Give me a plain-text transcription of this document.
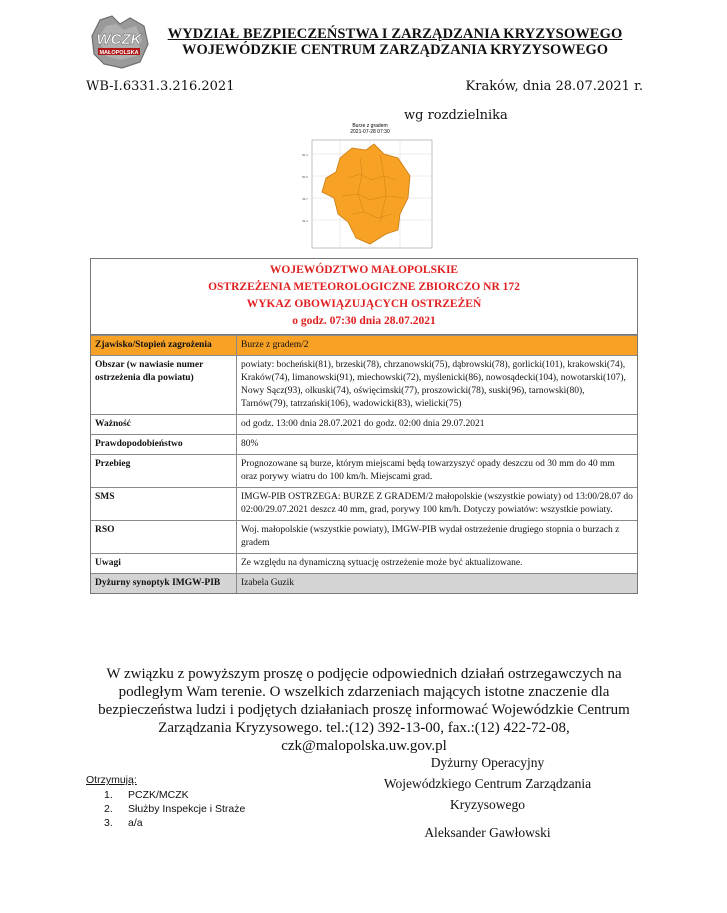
WCZK
MAŁOPOLSKA
WYDZIAŁ BEZPIECZEŃSTWA I ZARZĄDZANIA KRYZYSOWEGO
WOJEWÓDZKIE CENTRUM ZARZĄDZANIA KRYZYSOWEGO
WB-I.6331.3.216.2021	Kraków, dnia 28.07.2021 r.
wg rozdzielnika
Burze z gradem
2021-07-28 07:30
50.4
50.0
49.7
49.4
WOJEWÓDZTWO MAŁOPOLSKIE
OSTRZEŻENIA METEOROLOGICZNE ZBIORCZO NR 172
WYKAZ OBOWIĄZUJĄCYCH OSTRZEŻEŃ
o godz. 07:30 dnia 28.07.2021
Zjawisko/Stopień zagrożenia	Burze z gradem/2
Obszar (w nawiasie numer ostrzeżenia dla powiatu)	powiaty: bocheński(81), brzeski(78), chrzanowski(75), dąbrowski(78), gorlicki(101), krakowski(74), Kraków(74), limanowski(91), miechowski(72), myślenicki(86), nowosądecki(104), nowotarski(107), Nowy Sącz(93), olkuski(74), oświęcimski(77), proszowicki(78), suski(96), tarnowski(80), Tarnów(79), tatrzański(106), wadowicki(83), wielicki(75)
Ważność	od godz. 13:00 dnia 28.07.2021 do godz. 02:00 dnia 29.07.2021
Prawdopodobieństwo	80%
Przebieg	Prognozowane są burze, którym miejscami będą towarzyszyć opady deszczu od 30 mm do 40 mm oraz porywy wiatru do 100 km/h. Miejscami grad.
SMS	IMGW-PIB OSTRZEGA: BURZE Z GRADEM/2 małopolskie (wszystkie powiaty) od 13:00/28.07 do 02:00/29.07.2021 deszcz 40 mm, grad, porywy 100 km/h. Dotyczy powiatów: wszystkie powiaty.
RSO	Woj. małopolskie (wszystkie powiaty), IMGW-PIB wydał ostrzeżenie drugiego stopnia o burzach z gradem
Uwagi	Ze względu na dynamiczną sytuację ostrzeżenie może być aktualizowane.
Dyżurny synoptyk IMGW-PIB	Izabela Guzik
W związku z powyższym proszę o podjęcie odpowiednich działań ostrzegawczych na podległym Wam terenie. O wszelkich zdarzeniach mających istotne znaczenie dla bezpieczeństwa ludzi i podjętych działaniach proszę informować Wojewódzkie Centrum Zarządzania Kryzysowego. tel.:(12) 392-13-00, fax.:(12) 422-72-08, czk@malopolska.uw.gov.pl
Dyżurny Operacyjny
Wojewódzkiego Centrum Zarządzania
Kryzysowego
Aleksander Gawłowski
Otrzymują:
1. PCZK/MCZK
2. Służby Inspekcje i Straże
3. a/a
